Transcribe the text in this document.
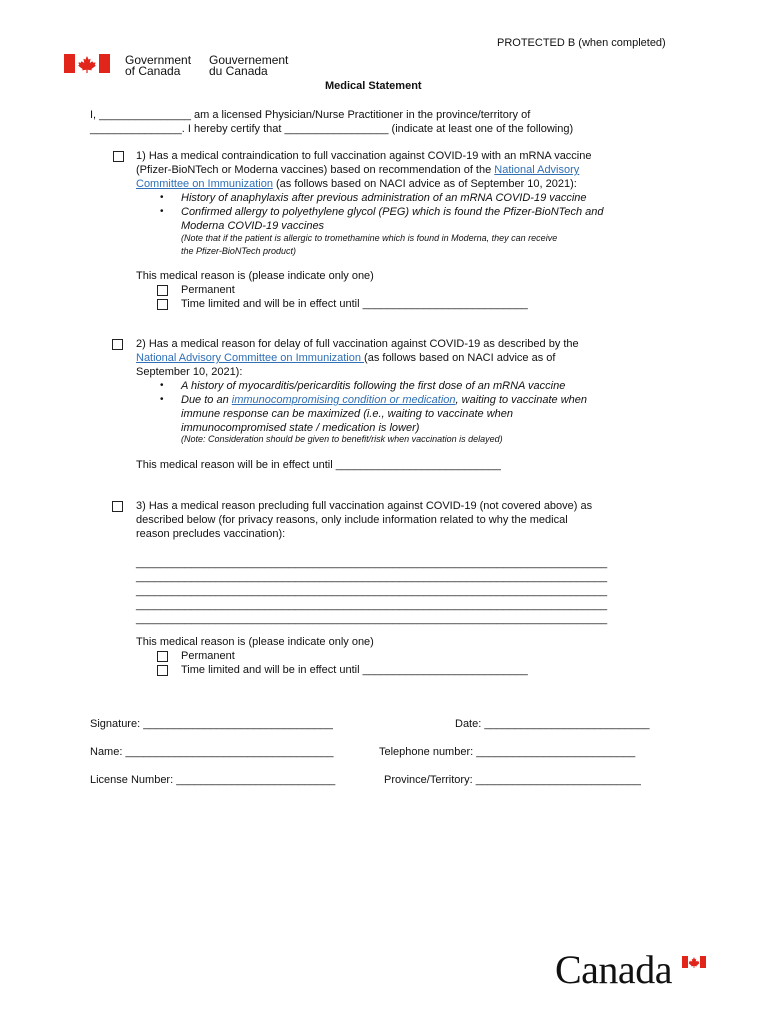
PROTECTED B (when completed)
Government
of Canada
Gouvernement
du Canada
Medical Statement
I, _______________ am a licensed Physician/Nurse Practitioner in the province/territory of
_______________. I hereby certify that _________________ (indicate at least one of the following)
1) Has a medical contraindication to full vaccination against COVID-19 with an mRNA vaccine
(Pfizer-BioNTech or Moderna vaccines) based on recommendation of the National Advisory
Committee on Immunization (as follows based on NACI advice as of September 10, 2021):
• History of anaphylaxis after previous administration of an mRNA COVID-19 vaccine
• Confirmed allergy to polyethylene glycol (PEG) which is found the Pfizer-BioNTech and
Moderna COVID-19 vaccines
(Note that if the patient is allergic to tromethamine which is found in Moderna, they can receive
the Pfizer-BioNTech product)
This medical reason is (please indicate only one)
Permanent
Time limited and will be in effect until ___________________________
2) Has a medical reason for delay of full vaccination against COVID-19 as described by the
National Advisory Committee on Immunization (as follows based on NACI advice as of
September 10, 2021):
• A history of myocarditis/pericarditis following the first dose of an mRNA vaccine
• Due to an immunocompromising condition or medication, waiting to vaccinate when
immune response can be maximized (i.e., waiting to vaccinate when
immunocompromised state / medication is lower)
(Note: Consideration should be given to benefit/risk when vaccination is delayed)
This medical reason will be in effect until ___________________________
3) Has a medical reason precluding full vaccination against COVID-19 (not covered above) as
described below (for privacy reasons, only include information related to why the medical
reason precludes vaccination):
_____________________________________________________________________________
_____________________________________________________________________________
_____________________________________________________________________________
_____________________________________________________________________________
_____________________________________________________________________________
This medical reason is (please indicate only one)
Permanent
Time limited and will be in effect until ___________________________
Signature: _______________________________	Date: ___________________________
Name: __________________________________	Telephone number: __________________________
License Number: __________________________	Province/Territory: ___________________________
Canada
